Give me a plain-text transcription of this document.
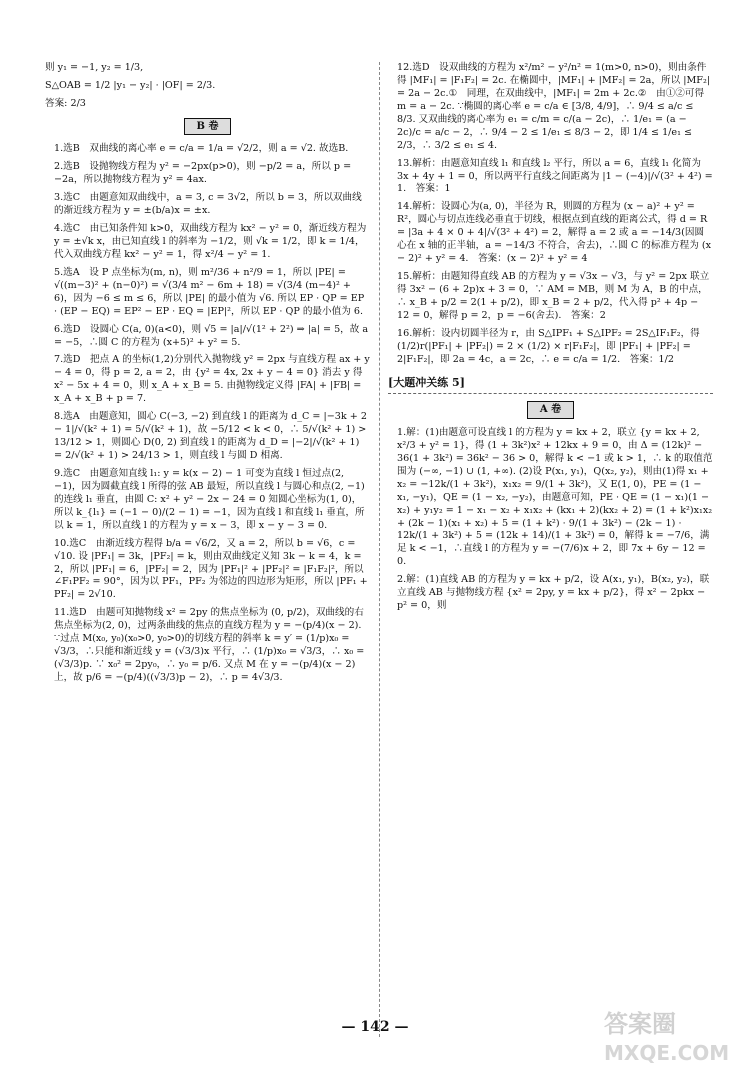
则 y₁ = −1, y₂ = 1/3,

S△OAB = 1/2 |y₁ − y₂| · |OF| = 2/3.

答案: 2/3

B 卷

1.选B　双曲线的离心率 e = c/a = 1/a = √2/2，则 a = √2. 故选B.

2.选B　设抛物线方程为 y² = −2px(p>0)，则 −p/2 = a，所以 p = −2a，所以抛物线方程为 y² = 4ax.

3.选C　由题意知双曲线中，a = 3, c = 3√2，所以 b = 3，所以双曲线的渐近线方程为 y = ±(b/a)x = ±x.

4.选C　由已知条件知 k>0，双曲线方程为 kx² − y² = 0，渐近线方程为 y = ±√k x，由已知直线 l 的斜率为 −1/2，则 √k = 1/2，即 k = 1/4，代入双曲线方程 kx² − y² = 1，得 x²/4 − y² = 1.

5.选A　设 P 点坐标为(m, n)，则 m²/36 + n²/9 = 1，所以 |PE| = √((m−3)² + (n−0)²) = √(3/4 m² − 6m + 18) = √(3/4 (m−4)² + 6)，因为 −6 ≤ m ≤ 6，所以 |PE| 的最小值为 √6. 所以 EP · QP = EP · (EP − EQ) = EP² − EP · EQ = |EP|²，所以 EP · QP 的最小值为 6.

6.选D　设圆心 C(a, 0)(a<0)，则 √5 = |a|/√(1² + 2²) ⇒ |a| = 5，故 a = −5，∴圆 C 的方程为 (x+5)² + y² = 5.

7.选D　把点 A 的坐标(1,2)分别代入抛物线 y² = 2px 与直线方程 ax + y − 4 = 0，得 p = 2, a = 2，由 {y² = 4x, 2x + y − 4 = 0} 消去 y 得 x² − 5x + 4 = 0，则 x_A + x_B = 5. 由抛物线定义得 |FA| + |FB| = x_A + x_B + p = 7.

8.选A　由题意知，圆心 C(−3, −2) 到直线 l 的距离为 d_C = |−3k + 2 − 1|/√(k² + 1) = 5/√(k² + 1)，故 −5/12 < k < 0，∴ 5/√(k² + 1) > 13/12 > 1，则圆心 D(0, 2) 到直线 l 的距离为 d_D = |−2|/√(k² + 1) = 2/√(k² + 1) > 24/13 > 1，则直线 l 与圆 D 相离.

9.选C　由题意知直线 l₁: y = k(x − 2) − 1 可变为直线 l 恒过点(2, −1)，因为圆截直线 l 所得的弦 AB 最短，所以直线 l 与圆心和点(2, −1)的连线 l₁ 垂直，由圆 C: x² + y² − 2x − 24 = 0 知圆心坐标为(1, 0)，所以 k_{l₁} = (−1 − 0)/(2 − 1) = −1，因为直线 l 和直线 l₁ 垂直，所以 k = 1，所以直线 l 的方程为 y = x − 3，即 x − y − 3 = 0.

10.选C　由渐近线方程得 b/a = √6/2，又 a = 2，所以 b = √6，c = √10. 设 |PF₁| = 3k，|PF₂| = k，则由双曲线定义知 3k − k = 4，k = 2，所以 |PF₁| = 6，|PF₂| = 2，因为 |PF₁|² + |PF₂|² = |F₁F₂|²，所以 ∠F₁PF₂ = 90°，因为以 PF₁，PF₂ 为邻边的四边形为矩形，所以 |PF₁ + PF₂| = 2√10.

11.选D　由题可知抛物线 x² = 2py 的焦点坐标为 (0, p/2)，双曲线的右焦点坐标为(2, 0)，过两条曲线的焦点的直线方程为 y = −(p/4)(x − 2). ∵过点 M(x₀, y₀)(x₀>0, y₀>0)的切线方程的斜率 k = y′ = (1/p)x₀ = √3/3，∴只能和渐近线 y = (√3/3)x 平行，∴ (1/p)x₀ = √3/3，∴ x₀ = (√3/3)p. ∵ x₀² = 2py₀，∴ y₀ = p/6. 又点 M 在 y = −(p/4)(x − 2) 上，故 p/6 = −(p/4)((√3/3)p − 2)，∴ p = 4√3/3.

12.选D　设双曲线的方程为 x²/m² − y²/n² = 1(m>0, n>0)，则由条件得 |MF₁| = |F₁F₂| = 2c. 在椭圆中，|MF₁| + |MF₂| = 2a，所以 |MF₂| = 2a − 2c.①　同理，在双曲线中，|MF₁| = 2m + 2c.②　由①②可得 m = a − 2c. ∵椭圆的离心率 e = c/a ∈ [3/8, 4/9]，∴ 9/4 ≤ a/c ≤ 8/3. 又双曲线的离心率为 e₁ = c/m = c/(a − 2c)，∴ 1/e₁ = (a − 2c)/c = a/c − 2，∴ 9/4 − 2 ≤ 1/e₁ ≤ 8/3 − 2，即 1/4 ≤ 1/e₁ ≤ 2/3，∴ 3/2 ≤ e₁ ≤ 4.

13.解析：由题意知直线 l₁ 和直线 l₂ 平行，所以 a = 6，直线 l₁ 化简为 3x + 4y + 1 = 0，所以两平行直线之间距离为 |1 − (−4)|/√(3² + 4²) = 1.　答案：1

14.解析：设圆心为(a, 0)，半径为 R，则圆的方程为 (x − a)² + y² = R²，圆心与切点连线必垂直于切线，根据点到直线的距离公式，得 d = R = |3a + 4 × 0 + 4|/√(3² + 4²) = 2，解得 a = 2 或 a = −14/3(因圆心在 x 轴的正半轴，a = −14/3 不符合，舍去)，∴圆 C 的标准方程为 (x − 2)² + y² = 4.　答案：(x − 2)² + y² = 4

15.解析：由题知得直线 AB 的方程为 y = √3x − √3，与 y² = 2px 联立得 3x² − (6 + 2p)x + 3 = 0，∵ AM = MB，则 M 为 A，B 的中点，∴ x_B + p/2 = 2(1 + p/2)，即 x_B = 2 + p/2，代入得 p² + 4p − 12 = 0，解得 p = 2，p = −6(舍去).　答案：2

16.解析：设内切圆半径为 r，由 S△IPF₁ + S△IPF₂ = 2S△IF₁F₂，得 (1/2)r(|PF₁| + |PF₂|) = 2 × (1/2) × r|F₁F₂|，即 |PF₁| + |PF₂| = 2|F₁F₂|，即 2a = 4c，a = 2c，∴ e = c/a = 1/2.　答案：1/2

[大题冲关练 5]
A 卷

1.解：(1)由题意可设直线 l 的方程为 y = kx + 2，联立 {y = kx + 2, x²/3 + y² = 1}，得 (1 + 3k²)x² + 12kx + 9 = 0，由 Δ = (12k)² − 36(1 + 3k²) = 36k² − 36 > 0，解得 k < −1 或 k > 1，∴ k 的取值范围为 (−∞, −1) ∪ (1, +∞). (2)设 P(x₁, y₁)，Q(x₂, y₂)，则由(1)得 x₁ + x₂ = −12k/(1 + 3k²)，x₁x₂ = 9/(1 + 3k²)，又 E(1, 0)，PE = (1 − x₁, −y₁)，QE = (1 − x₂, −y₂)，由题意可知，PE · QE = (1 − x₁)(1 − x₂) + y₁y₂ = 1 − x₁ − x₂ + x₁x₂ + (kx₁ + 2)(kx₂ + 2) = (1 + k²)x₁x₂ + (2k − 1)(x₁ + x₂) + 5 = (1 + k²) · 9/(1 + 3k²) − (2k − 1) · 12k/(1 + 3k²) + 5 = (12k + 14)/(1 + 3k²) = 0，解得 k = −7/6，满足 k < −1，∴直线 l 的方程为 y = −(7/6)x + 2，即 7x + 6y − 12 = 0.

2.解：(1)直线 AB 的方程为 y = kx + p/2，设 A(x₁, y₁)，B(x₂, y₂)，联立直线 AB 与抛物线方程 {x² = 2py, y = kx + p/2}，得 x² − 2pkx − p² = 0，则

— 142 —	答案圈
MXQE.COM
